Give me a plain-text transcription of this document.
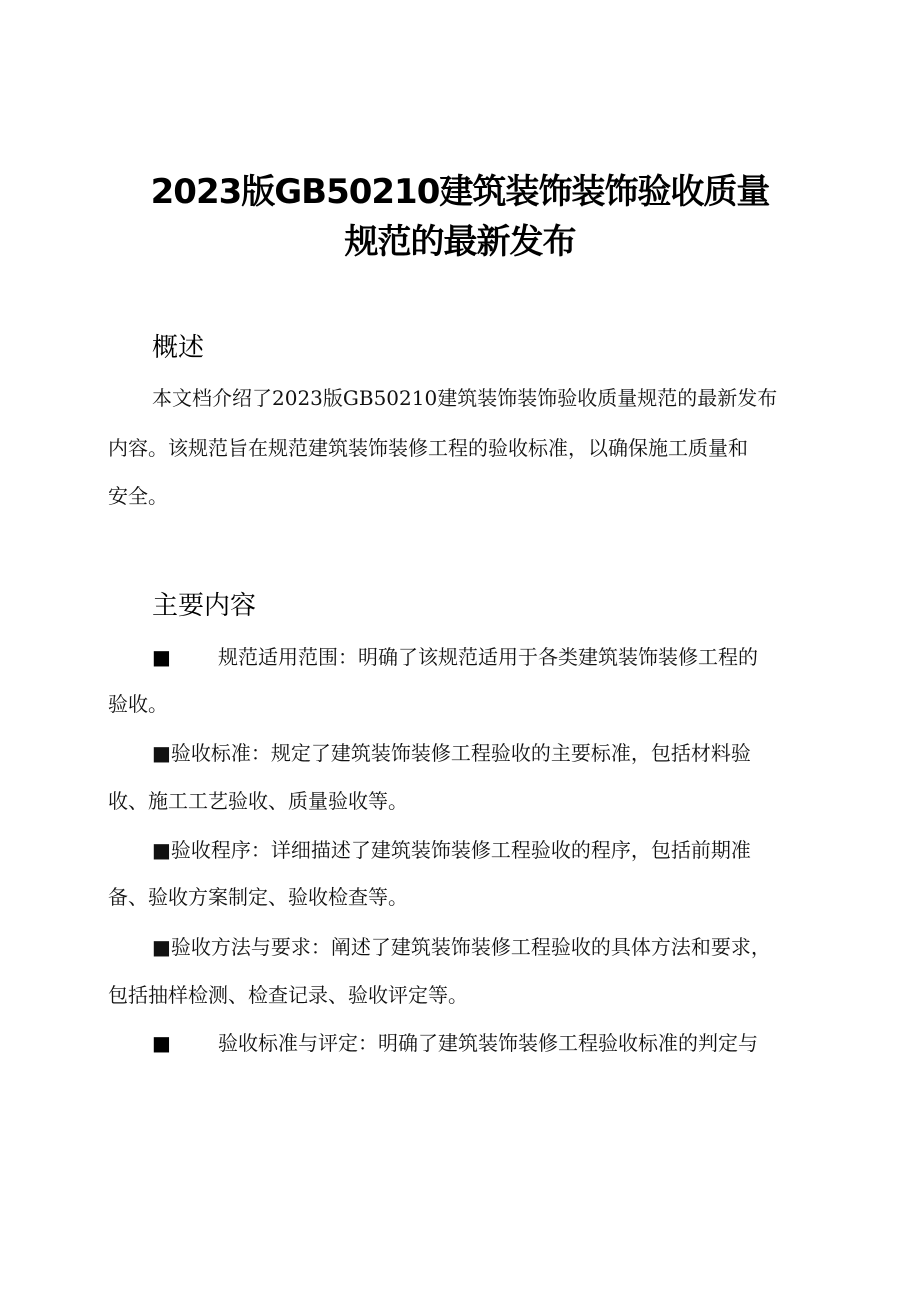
2023版GB50210建筑装饰装饰验收质量
规范的最新发布
概述
本文档介绍了2023版GB50210建筑装饰装饰验收质量规范的最新发布
内容。该规范旨在规范建筑装饰装修工程的验收标准，以确保施工质量和
安全。
主要内容
■ 规范适用范围：明确了该规范适用于各类建筑装饰装修工程的
验收。
■验收标准：规定了建筑装饰装修工程验收的主要标准，包括材料验
收、施工工艺验收、质量验收等。
■验收程序：详细描述了建筑装饰装修工程验收的程序，包括前期准
备、验收方案制定、验收检查等。
■验收方法与要求：阐述了建筑装饰装修工程验收的具体方法和要求，
包括抽样检测、检查记录、验收评定等。
■ 验收标准与评定：明确了建筑装饰装修工程验收标准的判定与
